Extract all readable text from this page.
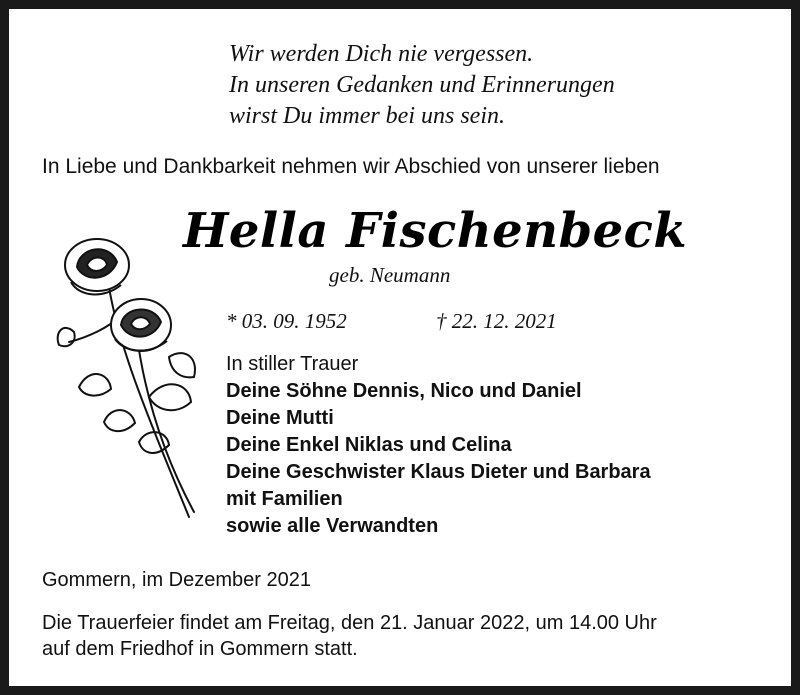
Wir werden Dich nie vergessen.
In unseren Gedanken und Erinnerungen
wirst Du immer bei uns sein.
In Liebe und Dankbarkeit nehmen wir Abschied von unserer lieben
Hella Fischenbeck
geb. Neumann
* 03. 09. 1952	† 22. 12. 2021
In stiller Trauer
Deine Söhne Dennis, Nico und Daniel
Deine Mutti
Deine Enkel Niklas und Celina
Deine Geschwister Klaus Dieter und Barbara
mit Familien
sowie alle Verwandten
Gommern, im Dezember 2021
Die Trauerfeier findet am Freitag, den 21. Januar 2022, um 14.00 Uhr
auf dem Friedhof in Gommern statt.
